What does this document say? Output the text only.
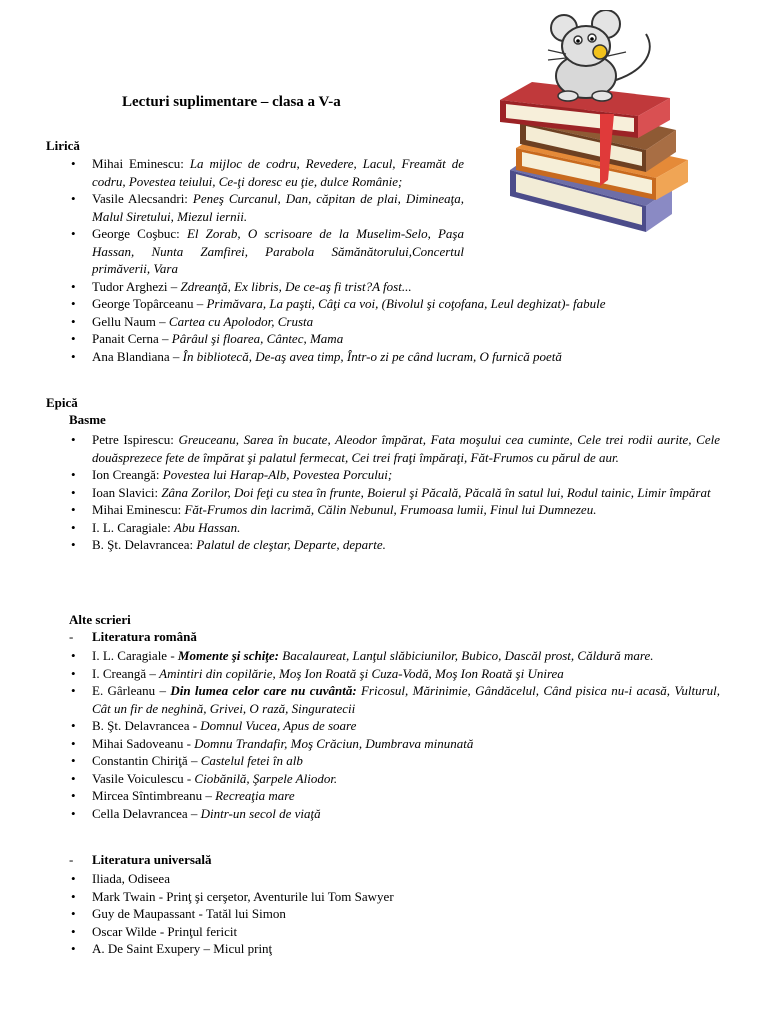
Lecturi suplimentare – clasa a V-a
Lirică
• Mihai Eminescu: La mijloc de codru, Revedere, Lacul, Freamăt de codru, Povestea teiului, Ce-ţi doresc eu ţie, dulce Românie;
• Vasile Alecsandri: Peneş Curcanul, Dan, căpitan de plai, Dimineaţa, Malul Siretului, Miezul iernii.
• George Coşbuc: El Zorab, O scrisoare de la Muselim-Selo, Paşa Hassan, Nunta Zamfirei, Parabola Sămănătorului,Concertul primăverii, Vara
• Tudor Arghezi – Zdreanţă, Ex libris, De ce-aş fi trist?A fost...
• George Topârceanu – Primăvara, La paşti, Câţi ca voi, (Bivolul şi coţofana, Leul deghizat)- fabule
• Gellu Naum – Cartea cu Apolodor, Crusta
• Panait Cerna – Pârâul şi floarea, Cântec, Mama
• Ana Blandiana – În bibliotecă, De-aş avea timp, Într-o zi pe când lucram, O furnică poetă
Epică
Basme
• Petre Ispirescu: Greuceanu, Sarea în bucate, Aleodor împărat, Fata moşului cea cuminte, Cele trei rodii aurite, Cele douăsprezece fete de împărat şi palatul fermecat, Cei trei fraţi împăraţi, Făt-Frumos cu părul de aur.
• Ion Creangă: Povestea lui Harap-Alb, Povestea Porcului;
• Ioan Slavici: Zâna Zorilor, Doi feţi cu stea în frunte, Boierul şi Păcală, Păcală în satul lui, Rodul tainic, Limir împărat
• Mihai Eminescu: Făt-Frumos din lacrimă, Călin Nebunul, Frumoasa lumii, Finul lui Dumnezeu.
• I. L. Caragiale: Abu Hassan.
• B. Şt. Delavrancea: Palatul de cleştar, Departe, departe.
Alte scrieri
- Literatura română
• I. L. Caragiale - Momente şi schiţe: Bacalaureat, Lanţul slăbiciunilor, Bubico, Dascăl prost, Căldură mare.
• I. Creangă – Amintiri din copilărie, Moş Ion Roată şi Cuza-Vodă, Moş Ion Roată şi Unirea
• E. Gârleanu – Din lumea celor care nu cuvântă: Fricosul, Mărinimie, Gândăcelul, Când pisica nu-i acasă, Vulturul, Cât un fir de neghină, Grivei, O rază, Singuratecii
• B. Şt. Delavrancea - Domnul Vucea, Apus de soare
• Mihai Sadoveanu - Domnu Trandafir, Moş Crăciun, Dumbrava minunată
• Constantin Chiriţă – Castelul fetei în alb
• Vasile Voiculescu - Ciobănilă, Şarpele Aliodor.
• Mircea Sîntimbreanu – Recreaţia mare
• Cella Delavrancea – Dintr-un secol de viaţă
- Literatura universală
• Iliada, Odiseea
• Mark Twain - Prinţ şi cerşetor, Aventurile lui Tom Sawyer
• Guy de Maupassant - Tatăl lui Simon
• Oscar Wilde - Prinţul fericit
• A. De Saint Exupery – Micul prinţ
